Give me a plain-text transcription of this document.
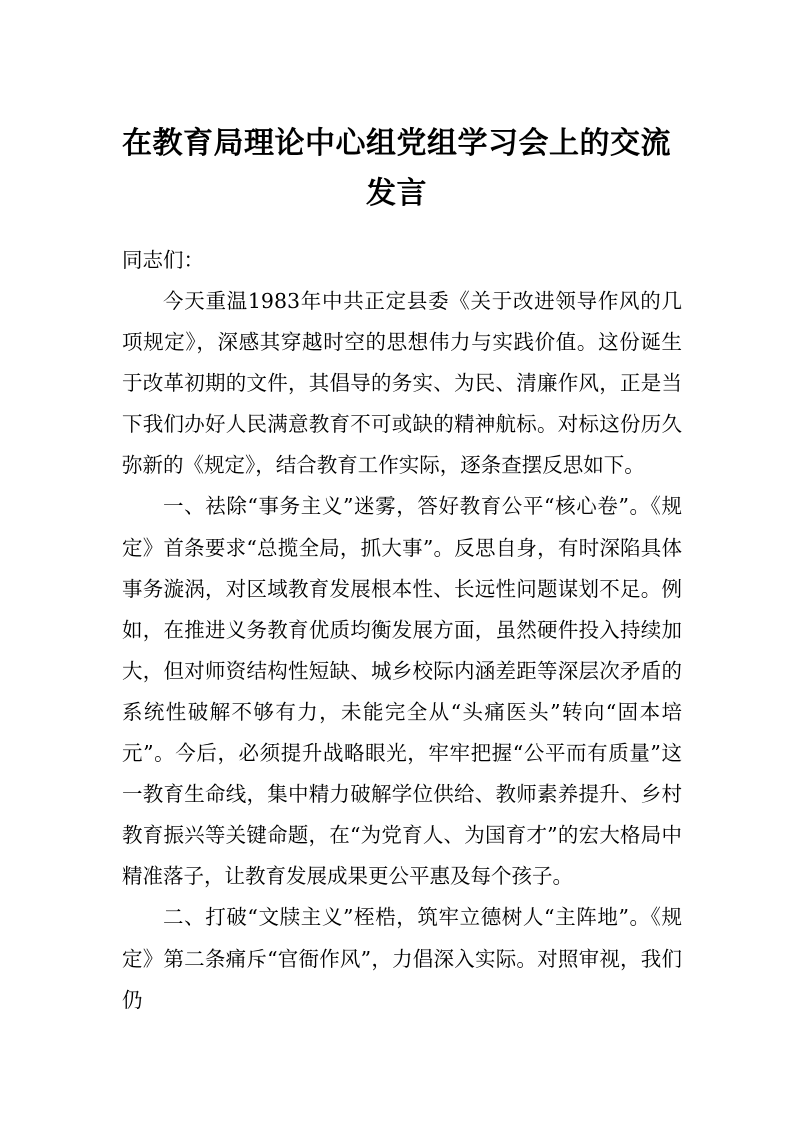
在教育局理论中心组党组学习会上的交流
发言
同志们：

今天重温1983年中共正定县委《关于改进领导作风的几项规定》，深感其穿越时空的思想伟力与实践价值。这份诞生于改革初期的文件，其倡导的务实、为民、清廉作风，正是当下我们办好人民满意教育不可或缺的精神航标。对标这份历久弥新的《规定》，结合教育工作实际，逐条查摆反思如下。

一、祛除“事务主义”迷雾，答好教育公平“核心卷”。《规定》首条要求“总揽全局，抓大事”。反思自身，有时深陷具体事务漩涡，对区域教育发展根本性、长远性问题谋划不足。例如，在推进义务教育优质均衡发展方面，虽然硬件投入持续加大，但对师资结构性短缺、城乡校际内涵差距等深层次矛盾的系统性破解不够有力，未能完全从“头痛医头”转向“固本培元”。今后，必须提升战略眼光，牢牢把握“公平而有质量”这一教育生命线，集中精力破解学位供给、教师素养提升、乡村教育振兴等关键命题，在“为党育人、为国育才”的宏大格局中精准落子，让教育发展成果更公平惠及每个孩子。

二、打破“文牍主义”桎梏，筑牢立德树人“主阵地”。《规定》第二条痛斥“官衙作风”，力倡深入实际。对照审视，我们仍
